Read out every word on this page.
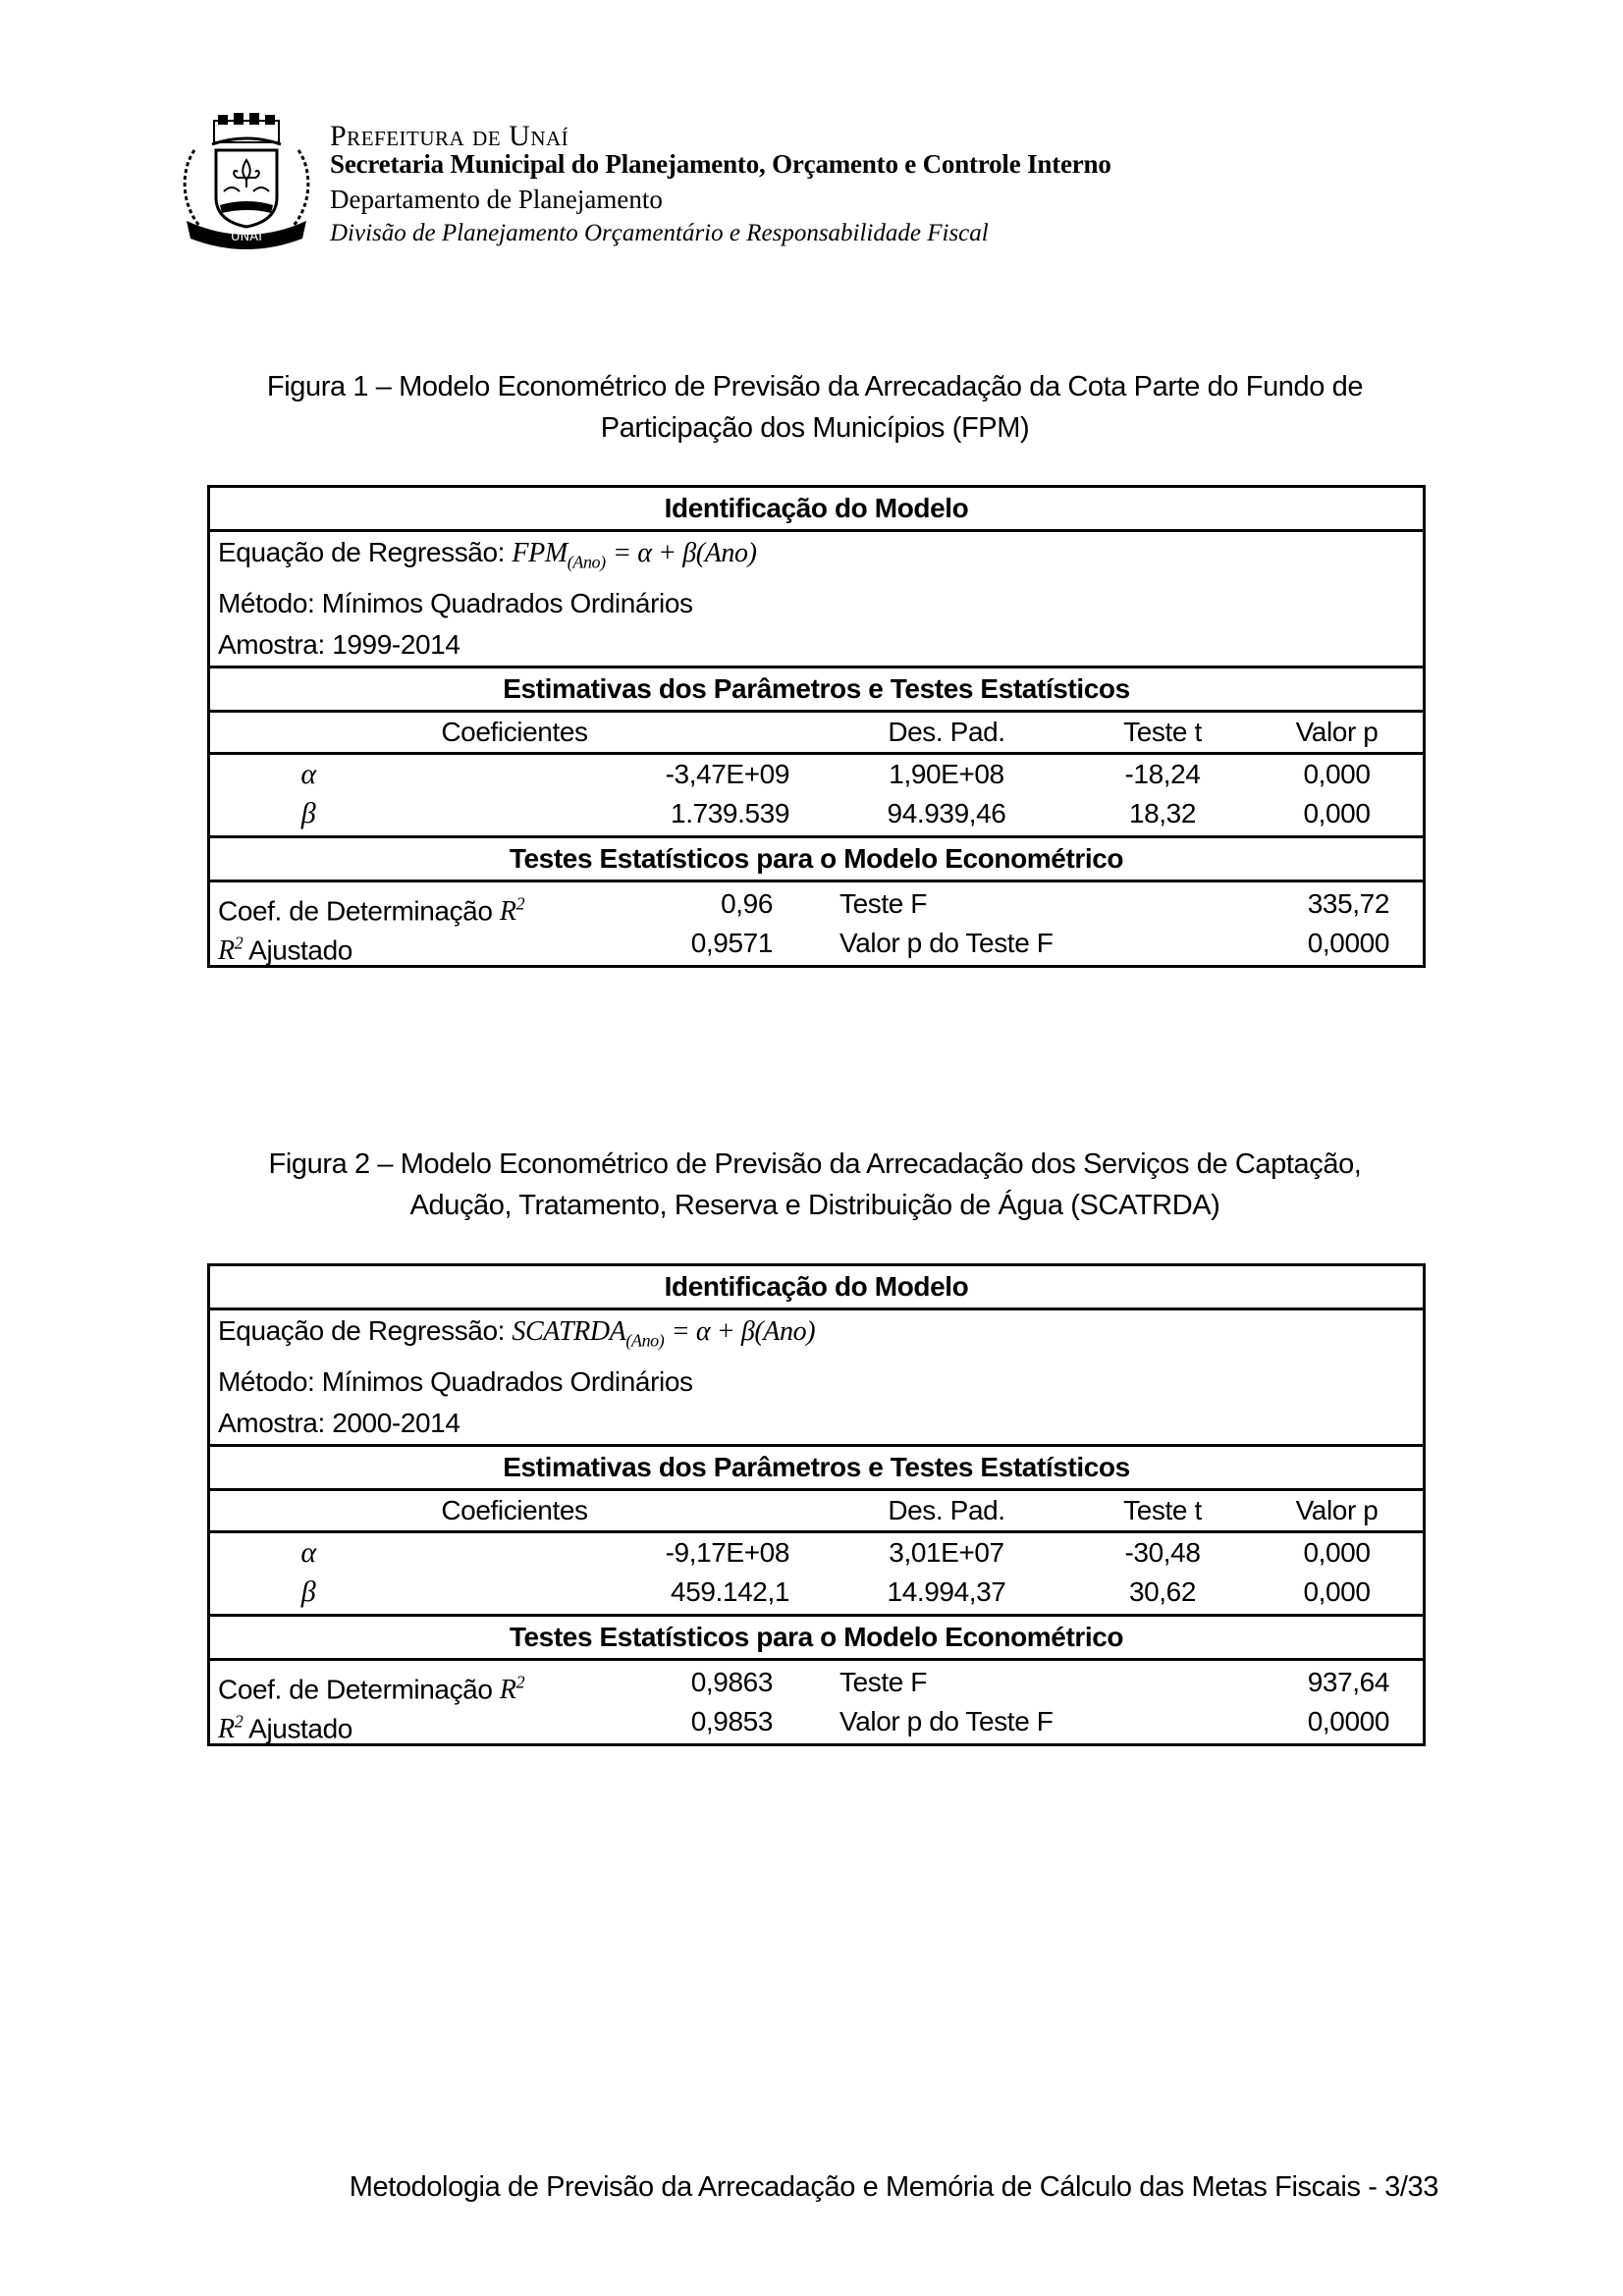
UNAÍ
Prefeitura de Unaí
Secretaria Municipal do Planejamento, Orçamento e Controle Interno
Departamento de Planejamento
Divisão de Planejamento Orçamentário e Responsabilidade Fiscal
Figura 1 – Modelo Econométrico de Previsão da Arrecadação da Cota Parte do Fundo de
Participação dos Municípios (FPM)
Identificação do Modelo
Equação de Regressão: $FPM_{(Ano)} = \alpha + \beta(Ano)$
Método: Mínimos Quadrados Ordinários
Amostra: 1999-2014
Estimativas dos Parâmetros e Testes Estatísticos
Coeficientes	Des. Pad.	Teste t	Valor p
α	-3,47E+09	1,90E+08	-18,24	0,000
β	1.739.539	94.939,46	18,32	0,000
Testes Estatísticos para o Modelo Econométrico
Coef. de Determinação $R^2$	0,96	Teste F	335,72
$R^2$ Ajustado	0,9571	Valor p do Teste F	0,0000
Figura 2 – Modelo Econométrico de Previsão da Arrecadação dos Serviços de Captação,
Adução, Tratamento, Reserva e Distribuição de Água (SCATRDA)
Identificação do Modelo
Equação de Regressão: $SCATRDA_{(Ano)} = \alpha + \beta(Ano)$
Método: Mínimos Quadrados Ordinários
Amostra: 2000-2014
Estimativas dos Parâmetros e Testes Estatísticos
Coeficientes	Des. Pad.	Teste t	Valor p
α	-9,17E+08	3,01E+07	-30,48	0,000
β	459.142,1	14.994,37	30,62	0,000
Testes Estatísticos para o Modelo Econométrico
Coef. de Determinação $R^2$	0,9863	Teste F	937,64
$R^2$ Ajustado	0,9853	Valor p do Teste F	0,0000
Metodologia de Previsão da Arrecadação e Memória de Cálculo das Metas Fiscais - 3/33
